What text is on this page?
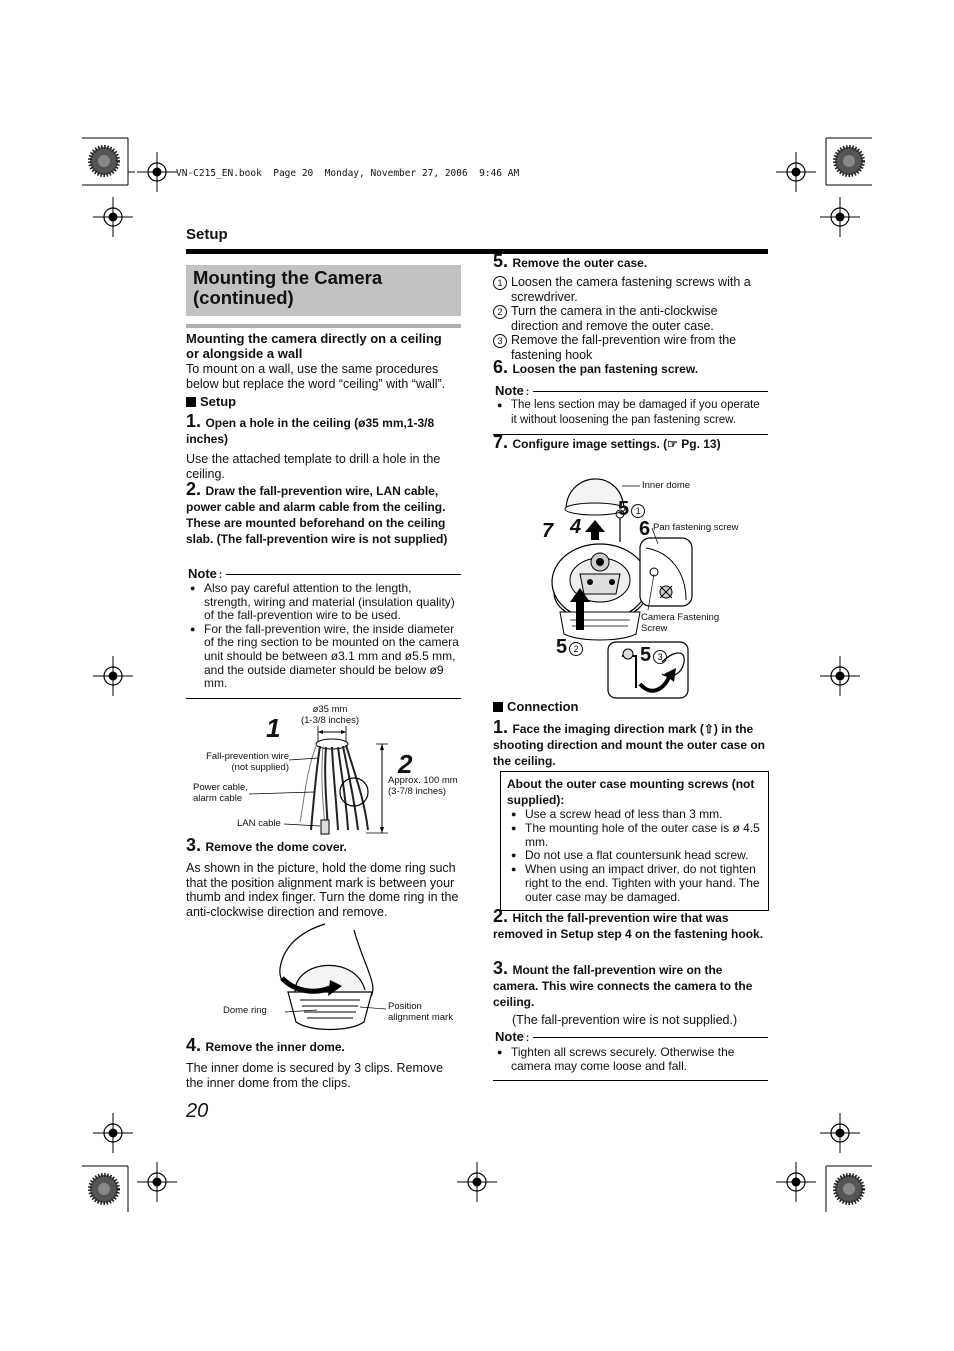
VN-C215_EN.book  Page 20  Monday, November 27, 2006  9:46 AM
Setup
Mounting the Camera
(continued)
Mounting the camera directly on a ceiling or alongside a wall
To mount on a wall, use the same procedures below but replace the word “ceiling” with “wall”.
Setup
1. Open a hole in the ceiling (ø35 mm,1-3/8 inches)
Use the attached template to drill a hole in the ceiling.
2. Draw the fall-prevention wire, LAN cable, power cable and alarm cable from the ceiling. These are mounted beforehand on the ceiling slab. (The fall-prevention wire is not supplied)
Note :
● Also pay careful attention to the length, strength, wiring and material (insulation quality) of the fall-prevention wire to be used.
● For the fall-prevention wire, the inside diameter of the ring section to be mounted on the camera unit should be between ø3.1 mm and ø5.5 mm, and the outside diameter should be below ø9 mm.
1
2
ø35 mm
(1-3/8 inches)
Fall-prevention wire
(not supplied)
Power cable,
alarm cable
LAN cable
Approx. 100 mm
(3-7/8 inches)
3. Remove the dome cover.
As shown in the picture, hold the dome ring such that the position alignment mark is between your thumb and index finger. Turn the dome ring in the anti-clockwise direction and remove.
Dome ring	Position
alignment mark
4. Remove the inner dome.
The inner dome is secured by 3 clips. Remove the inner dome from the clips.
20
5. Remove the outer case.
1 Loosen the camera fastening screws with a screwdriver.
2 Turn the camera in the anti-clockwise direction and remove the outer case.
3 Remove the fall-prevention wire from the fastening hook
6. Loosen the pan fastening screw.
Note :
● The lens section may be damaged if you operate it without loosening the pan fastening screw.
7. Configure image settings. (☞ Pg. 13)
Inner dome
Pan fastening screw
Camera Fastening
Screw
5 1
7 4	6
5 2	5 3
Connection
1. Face the imaging direction mark (⇧) in the shooting direction and mount the outer case on the ceiling.
About the outer case mounting screws (not supplied):
● Use a screw head of less than 3 mm.
● The mounting hole of the outer case is ø 4.5 mm.
● Do not use a flat countersunk head screw.
● When using an impact driver, do not tighten right to the end. Tighten with your hand. The outer case may be damaged.
2. Hitch the fall-prevention wire that was removed in Setup step 4 on the fastening hook.
3. Mount the fall-prevention wire on the camera. This wire connects the camera to the ceiling.
(The fall-prevention wire is not supplied.)
Note :
● Tighten all screws securely. Otherwise the camera may come loose and fall.
